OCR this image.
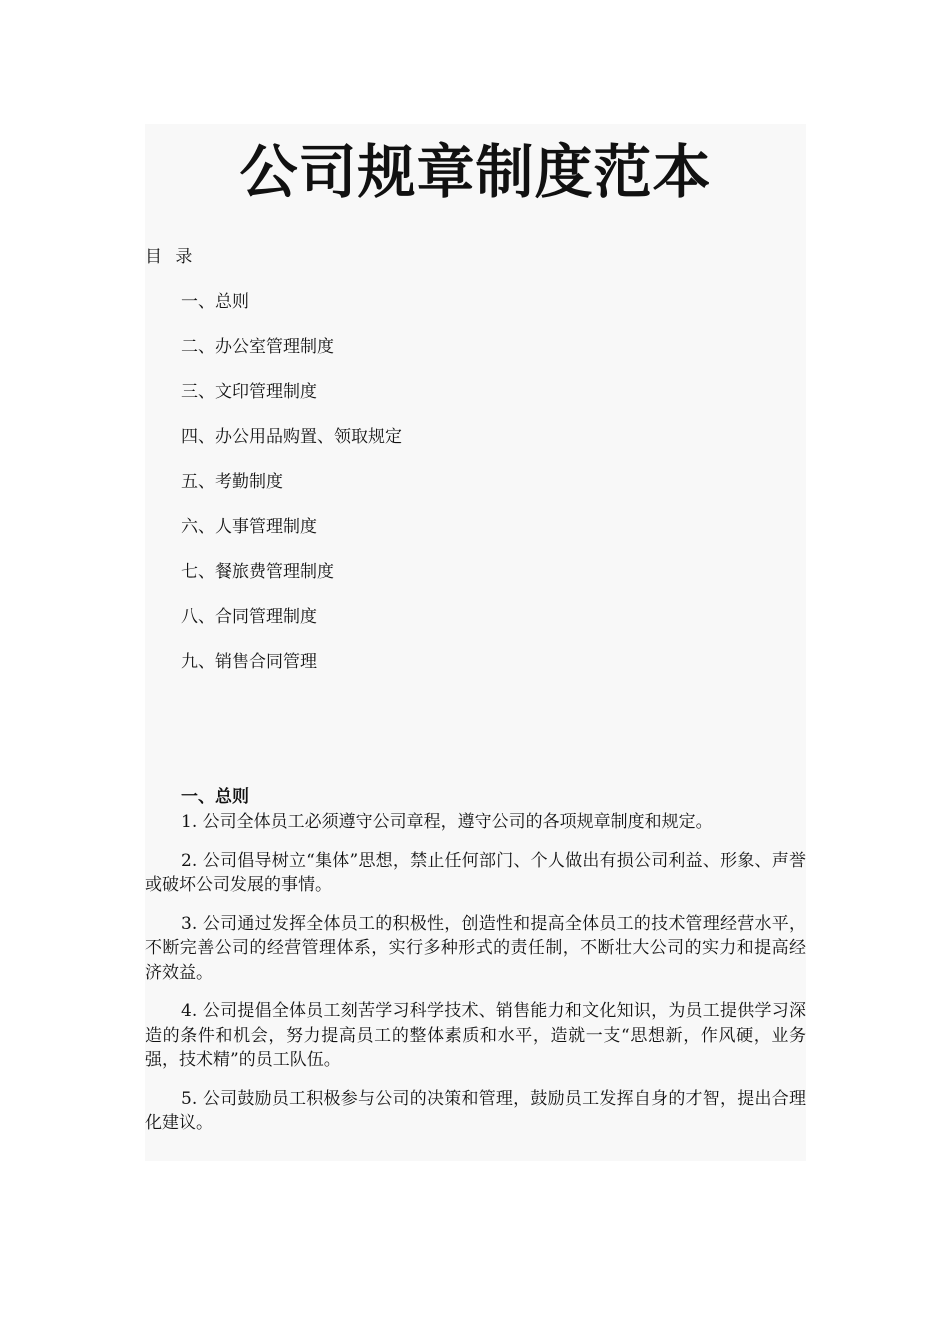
公司规章制度范本
目 录
一、总则
二、办公室管理制度
三、文印管理制度
四、办公用品购置、领取规定
五、考勤制度
六、人事管理制度
七、餐旅费管理制度
八、合同管理制度
九、销售合同管理
一、总则

1. 公司全体员工必须遵守公司章程，遵守公司的各项规章制度和规定。

2. 公司倡导树立“集体”思想，禁止任何部门、个人做出有损公司利益、形象、声誉或破坏公司发展的事情。

3. 公司通过发挥全体员工的积极性，创造性和提高全体员工的技术管理经营水平，不断完善公司的经营管理体系，实行多种形式的责任制，不断壮大公司的实力和提高经济效益。

4. 公司提倡全体员工刻苦学习科学技术、销售能力和文化知识，为员工提供学习深造的条件和机会，努力提高员工的整体素质和水平，造就一支“思想新，作风硬，业务强，技术精”的员工队伍。

5. 公司鼓励员工积极参与公司的决策和管理，鼓励员工发挥自身的才智，提出合理化建议。
